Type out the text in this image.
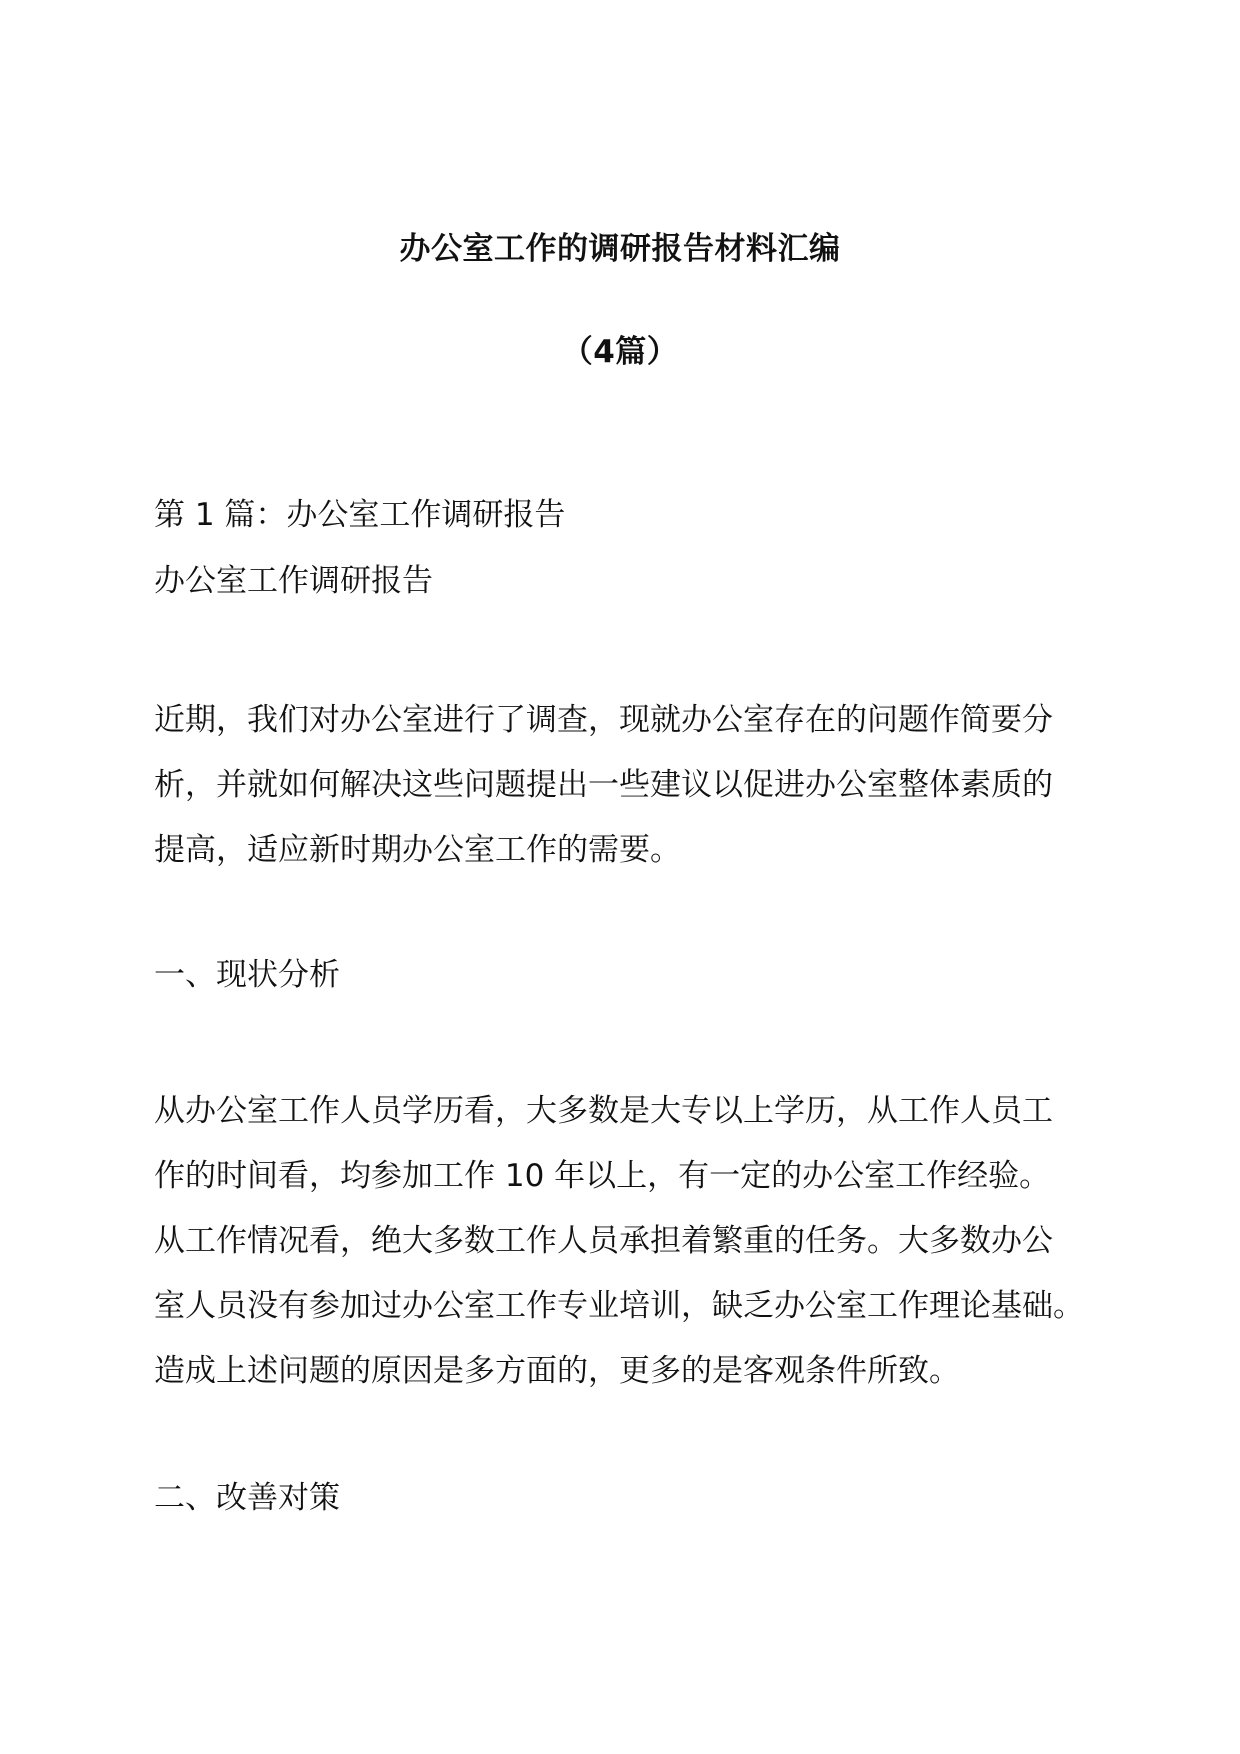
办公室工作的调研报告材料汇编
（4篇）
第 1 篇：办公室工作调研报告
办公室工作调研报告
近期，我们对办公室进行了调查，现就办公室存在的问题作简要分
析，并就如何解决这些问题提出一些建议以促进办公室整体素质的
提高，适应新时期办公室工作的需要。
一、现状分析
从办公室工作人员学历看，大多数是大专以上学历，从工作人员工
作的时间看，均参加工作 10 年以上，有一定的办公室工作经验。
从工作情况看，绝大多数工作人员承担着繁重的任务。大多数办公
室人员没有参加过办公室工作专业培训，缺乏办公室工作理论基础。
造成上述问题的原因是多方面的，更多的是客观条件所致。
二、改善对策
